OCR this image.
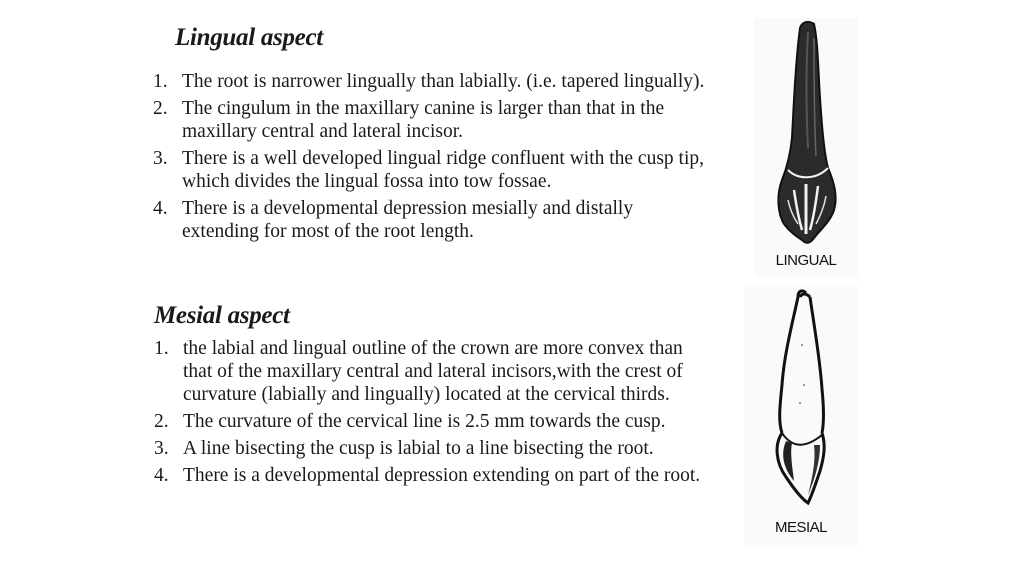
Lingual aspect
1. The root is narrower lingually than labially. (i.e. tapered lingually).
2. The cingulum in the maxillary canine is larger than that in the maxillary central and lateral incisor.
3. There is a well developed lingual ridge confluent with the cusp tip, which divides the lingual fossa into tow fossae.
4. There is a developmental depression mesially and distally extending for most of the root length.
Mesial aspect
1. the labial and lingual outline of the crown are more convex than that of the maxillary central and lateral incisors,with the crest of curvature (labially and lingually) located at the cervical thirds.
2. The curvature of the cervical line is 2.5 mm towards the cusp.
3. A line bisecting the cusp is labial to a line bisecting the root.
4. There is a developmental depression extending on part of the root.
LINGUAL
MESIAL
